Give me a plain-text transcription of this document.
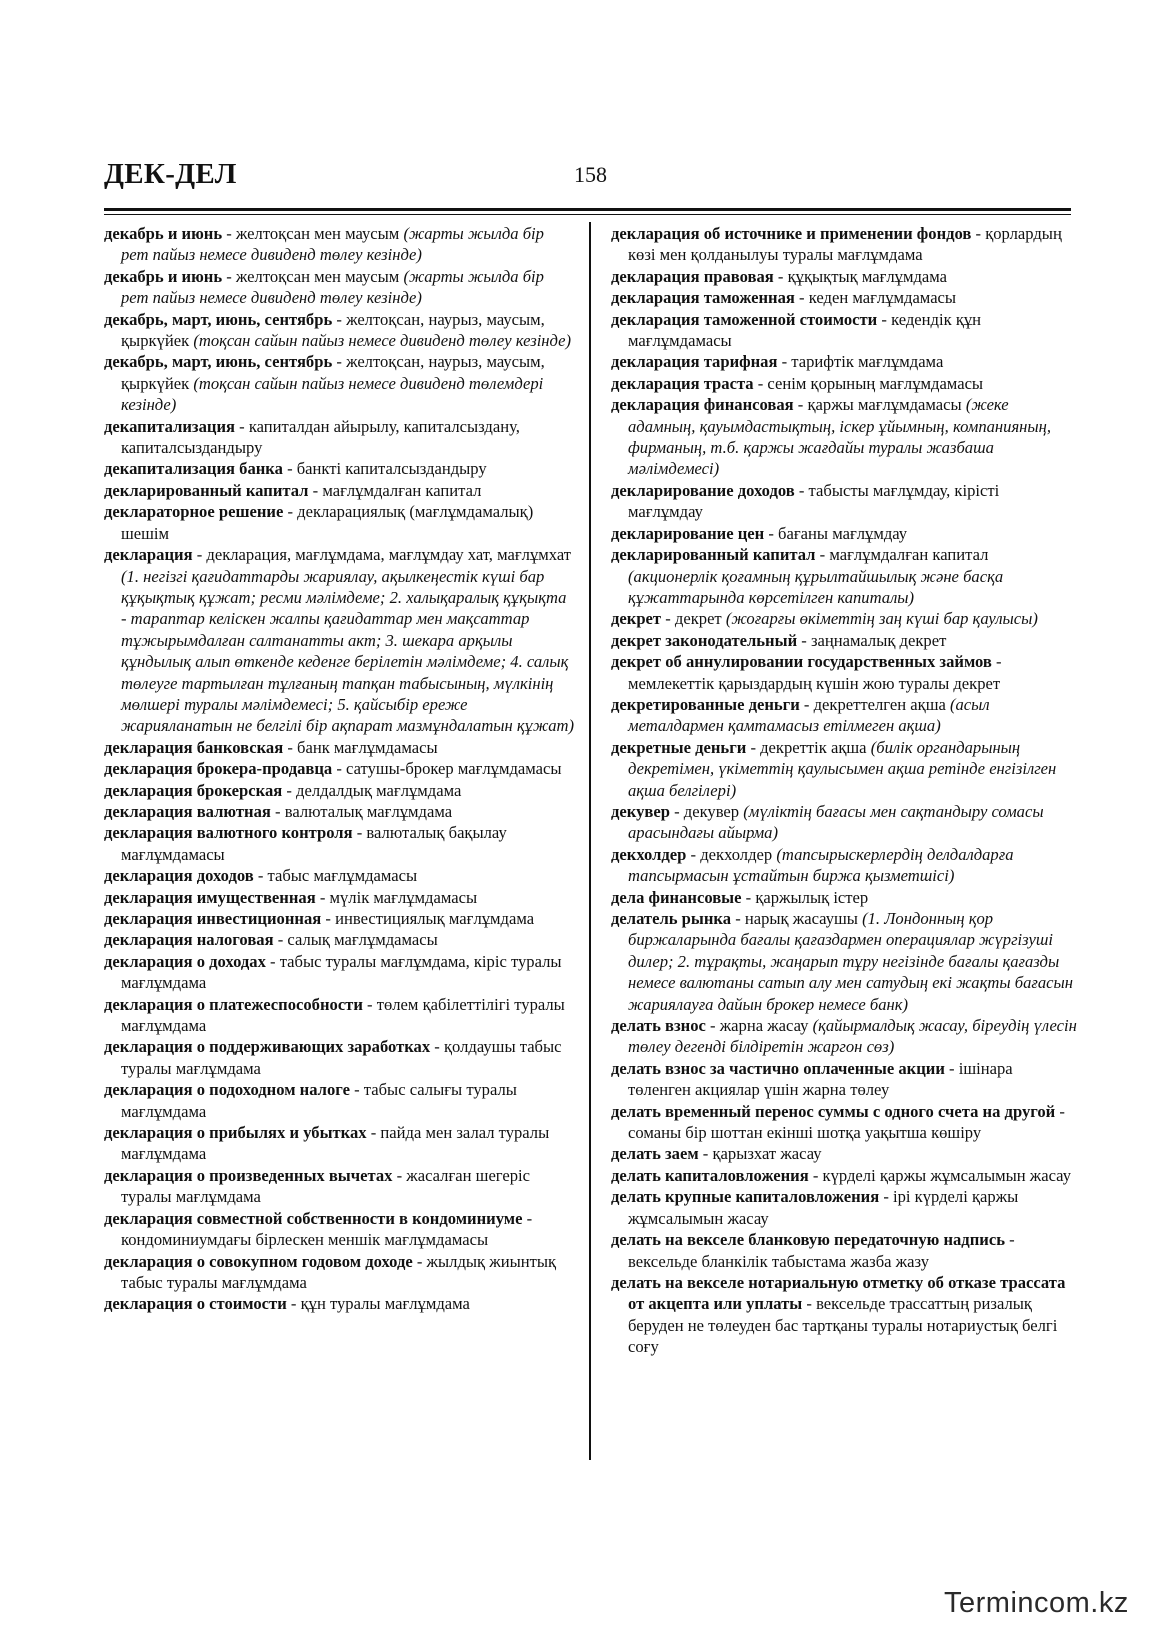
ДЕК-ДЕЛ	158

декабрь и июнь - желтоқсан мен маусым (жарты жылда бір рет пайыз немесе дивиденд төлеу кезінде)

декабрь и июнь - желтоқсан мен маусым (жарты жылда бір рет пайыз немесе дивиденд төлеу кезінде)

декабрь, март, июнь, сентябрь - желтоқсан, наурыз, маусым, қыркүйек (тоқсан сайын пайыз немесе дивиденд төлеу кезінде)

декабрь, март, июнь, сентябрь - желтоқсан, наурыз, маусым, қыркүйек (тоқсан сайын пайыз немесе дивиденд төлемдері кезінде)

декапитализация - капиталдан айырылу, капиталсыздану, капиталсыздандыру

декапитализация банка - банкті капиталсыздандыру

декларированный капитал - мағлұмдалған капитал

деклараторное решение - декларациялық (мағлұмдамалық) шешім

декларация - декларация, мағлұмдама, мағлұмдау хат, мағлұмхат (1. негізгі қағидаттарды жариялау, ақылкеңестік күші бар құқықтық құжат; ресми мәлімдеме; 2. халықаралық құқықта - тараптар келіскен жалпы қағидаттар мен мақсаттар тұжырымдалған салтанатты акт; 3. шекара арқылы құндылық алып өткенде кеденге берілетін мәлімдеме; 4. салық төлеуге тартылған тұлғаның тапқан табысының, мүлкінің мөлшері туралы мәлімдемесі; 5. қайсыбір ереже жарияланатын не белгілі бір ақпарат мазмұндалатын құжат)

декларация банковская - банк мағлұмдамасы

декларация брокера-продавца - сатушы-брокер мағлұмдамасы

декларация брокерская - делдалдық мағлұмдама

декларация валютная - валюталық мағлұмдама

декларация валютного контроля - валюталық бақылау мағлұмдамасы

декларация доходов - табыс мағлұмдамасы

декларация имущественная - мүлік мағлұмдамасы

декларация инвестиционная - инвестициялық мағлұмдама

декларация налоговая - салық мағлұмдамасы

декларация о доходах - табыс туралы мағлұмдама, кіріс туралы мағлұмдама

декларация о платежеспособности - төлем қабілеттілігі туралы мағлұмдама

декларация о поддерживающих заработках - қолдаушы табыс туралы мағлұмдама

декларация о подоходном налоге - табыс салығы туралы мағлұмдама

декларация о прибылях и убытках - пайда мен залал туралы мағлұмдама

декларация о произведенных вычетах - жасалған шегеріс туралы мағлұмдама

декларация совместной собственности в кондоминиуме - кондоминиумдағы бірлескен меншік мағлұмдамасы

декларация о совокупном годовом доходе - жылдық жиынтық табыс туралы мағлұмдама

декларация о стоимости - құн туралы мағлұмдама

декларация об источнике и применении фондов - қорлардың көзі мен қолданылуы туралы мағлұмдама

декларация правовая - құқықтық мағлұмдама

декларация таможенная - кеден мағлұмдамасы

декларация таможенной стоимости - кедендік құн мағлұмдамасы

декларация тарифная - тарифтік мағлұмдама

декларация траста - сенім қорының мағлұмдамасы

декларация финансовая - қаржы мағлұмдамасы (жеке адамның, қауымдастықтың, іскер ұйымның, компанияның, фирманың, т.б. қаржы жағдайы туралы жазбаша мәлімдемесі)

декларирование доходов - табысты мағлұмдау, кірісті мағлұмдау

декларирование цен - бағаны мағлұмдау

декларированный капитал - мағлұмдалған капитал (акционерлік қоғамның құрылтайшылық және басқа құжаттарында көрсетілген капиталы)

декрет - декрет (жоғарғы өкіметтің заң күші бар қаулысы)

декрет законодательный - заңнамалық декрет

декрет об аннулировании государственных займов - мемлекеттік қарыздардың күшін жою туралы декрет

декретированные деньги - декреттелген ақша (асыл металдармен қамтамасыз етілмеген ақша)

декретные деньги - декреттік ақша (билік органдарының декретімен, үкіметтің қаулысымен ақша ретінде енгізілген ақша белгілері)

декувер - декувер (мүліктің бағасы мен сақтандыру сомасы арасындағы айырма)

декхолдер - декхолдер (тапсырыскерлердің делдалдарға тапсырмасын ұстайтын биржа қызметшісі)

дела финансовые - қаржылық істер

делатель рынка - нарық жасаушы (1. Лондонның қор биржаларында бағалы қағаздармен операциялар жүргізуші дилер; 2. тұрақты, жаңарып тұру негізінде бағалы қағазды немесе валютаны сатып алу мен сатудың екі жақты бағасын жариялауға дайын брокер немесе банк)

делать взнос - жарна жасау (қайырмалдық жасау, біреудің үлесін төлеу дегенді білдіретін жаргон сөз)

делать взнос за частично оплаченные акции - ішінара төленген акциялар үшін жарна төлеу

делать временный перенос суммы с одного счета на другой - соманы бір шоттан екінші шотқа уақытша көшіру

делать заем - қарызхат жасау

делать капиталовложения - күрделі қаржы жұмсалымын жасау

делать крупные капиталовложения - ірі күрделі қаржы жұмсалымын жасау

делать на векселе бланковую передаточную надпись - вексельде бланкілік табыстама жазба жазу

делать на векселе нотариальную отметку об отказе трассата от акцепта или уплаты - вексельде трассаттың ризалық беруден не төлеуден бас тартқаны туралы нотариустық белгі соғу

Termincom.kz
